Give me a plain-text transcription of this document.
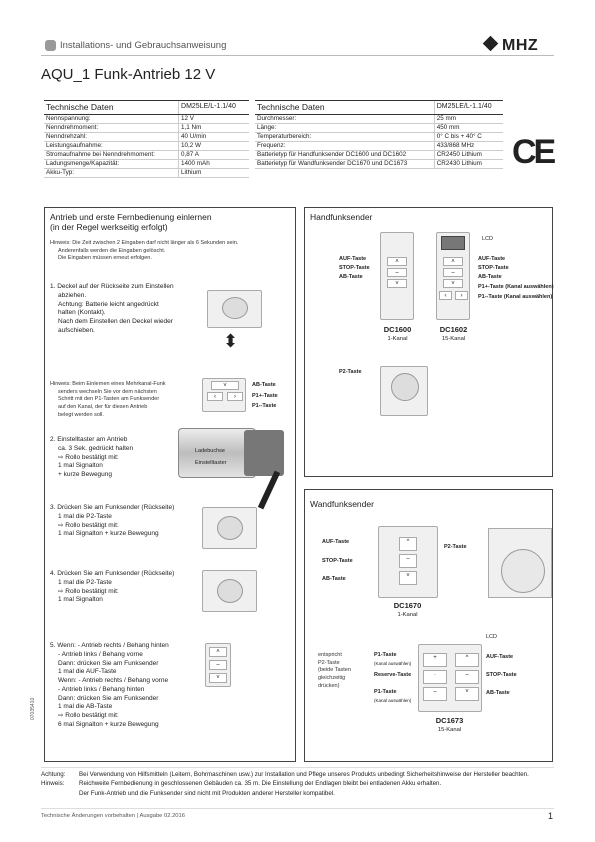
Installations- und Gebrauchsanweisung	MHZ
AQU_1 Funk-Antrieb 12 V
Technische Daten	DM25LE/L-1.1/40
Nennspannung:	12 V
Nenndrehmoment:	1,1 Nm
Nenndrehzahl:	40 U/min
Leistungsaufnahme:	10,2 W
Stromaufnahme bei Nenndrehmoment:	0,87 A
Ladungsmenge/Kapazität:	1400 mAh
Akku-Typ:	Lithium
Technische Daten	DM25LE/L-1.1/40
Durchmesser:	25 mm
Länge:	450 mm
Temperaturbereich:	0° C bis + 40° C
Frequenz:	433/868 MHz
Batterietyp für Handfunksender DC1600 und DC1602	CR2450 Lithium
Batterietyp für Wandfunksender DC1670 und DC1673	CR2430 Lithium CE
Antrieb und erste Fernbedienung einlernen
(in der Regel werkseitig erfolgt)
Hinweis: Die Zeit zwischen 2 Eingaben darf nicht länger als 6 Sekunden sein.
Anderenfalls werden die Eingaben gelöscht.
Die Eingaben müssen erneut erfolgen.
1. Deckel auf der Rückseite zum Einstellen
abziehen.
Achtung: Batterie leicht angedrückt
halten (Kontakt).
Nach dem Einstellen den Deckel wieder
aufschieben.
⬍
Hinweis: Beim Einlernen eines Mehrkanal-Funk
senders wechseln Sie vor dem nächsten
Schritt mit den P1-Tasten am Funksender
auf den Kanal, der für diesen Antrieb
belegt werden soll.
˅
‹	›
AB-Taste
P1+-Taste
P1--Taste
2. Einstelltaster am Antrieb
ca. 3 Sek. gedrückt halten
⇨ Rollo bestätigt mit:
1 mal Signalton
+ kurze Bewegung
Ladebuchse
Einstelltaster
3. Drücken Sie am Funksender (Rückseite)
1 mal die P2-Taste
⇨ Rollo bestätigt mit:
1 mal Signalton + kurze Bewegung
4. Drücken Sie am Funksender (Rückseite)
1 mal die P2-Taste
⇨ Rollo bestätigt mit:
1 mal Signalton
5. Wenn: - Antrieb rechts / Behang hinten
- Antrieb links / Behang vorne
Dann: drücken Sie am Funksender
1 mal die AUF-Taste
Wenn: - Antrieb rechts / Behang vorne
- Antrieb links / Behang hinten
Dann: drücken Sie am Funksender
1 mal die AB-Taste
⇨ Rollo bestätigt mit:
6 mal Signalton + kurze Bewegung
˄
–
˅
Handfunksender
˄
–
˅
AUF-Taste
STOP-Taste
AB-Taste
DC1600
1-Kanal
˄
–
˅
‹	›
LCD
AUF-Taste
STOP-Taste
AB-Taste
P1+-Taste (Kanal auswählen)
P1--Taste (Kanal auswählen)
DC1602
15-Kanal
P2-Taste
Wandfunksender
^
–
˅
AUF-Taste
STOP-Taste
AB-Taste
P2-Taste
DC1670
1-Kanal
LCD
+
·
–
^
–
˅
entspricht
P2-Taste
(beide Tasten
gleichzeitig
drücken)
P1-Taste
(Kanal auswählen)
Reserve-Taste
P1-Taste
(Kanal auswählen)
AUF-Taste
STOP-Taste
AB-Taste
DC1673
15-Kanal
07035410
Achtung:	Bei Verwendung von Hilfsmitteln (Leitern, Bohrmaschinen usw.) zur Installation und Pflege unseres Produkts unbedingt Sicherheitshinweise der Hersteller beachten.
Hinweis:	Reichweite Fernbedienung in geschlossenen Gebäuden ca. 35 m. Die Einstellung der Endlagen bleibt bei entladenen Akku erhalten.
Der Funk-Antrieb und die Funksender sind nicht mit Produkten anderer Hersteller kompatibel.
Technische Änderungen vorbehalten | Ausgabe 02.2016	1
